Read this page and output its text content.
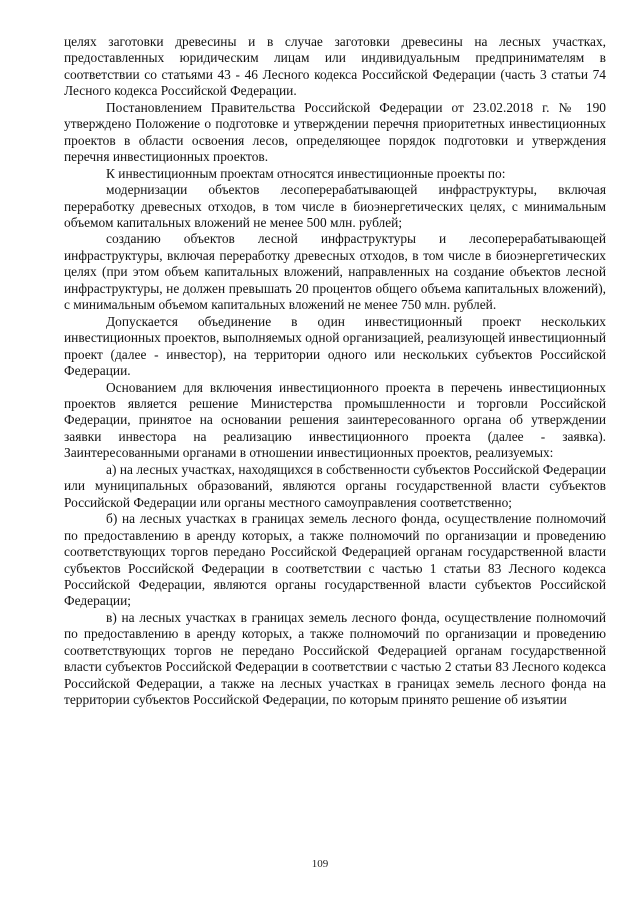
целях заготовки древесины и в случае заготовки древесины на лесных участках, предоставленных юридическим лицам или индивидуальным предпринимателям в соответствии со статьями 43 - 46 Лесного кодекса Российской Федерации (часть 3 статьи 74 Лесного кодекса Российской Федерации.

Постановлением Правительства Российской Федерации от 23.02.2018 г. № 190 утверждено Положение о подготовке и утверждении перечня приоритетных инвестиционных проектов в области освоения лесов, определяющее порядок подготовки и утверждения перечня инвестиционных проектов.

К инвестиционным проектам относятся инвестиционные проекты по:

модернизации объектов лесоперерабатывающей инфраструктуры, включая переработку древесных отходов, в том числе в биоэнергетических целях, с минимальным объемом капитальных вложений не менее 500 млн. рублей;

созданию объектов лесной инфраструктуры и лесоперерабатывающей инфраструктуры, включая переработку древесных отходов, в том числе в биоэнергетических целях (при этом объем капитальных вложений, направленных на создание объектов лесной инфраструктуры, не должен превышать 20 процентов общего объема капитальных вложений), с минимальным объемом капитальных вложений не менее 750 млн. рублей.

Допускается объединение в один инвестиционный проект нескольких инвестиционных проектов, выполняемых одной организацией, реализующей инвестиционный проект (далее - инвестор), на территории одного или нескольких субъектов Российской Федерации.

Основанием для включения инвестиционного проекта в перечень инвестиционных проектов является решение Министерства промышленности и торговли Российской Федерации, принятое на основании решения заинтересованного органа об утверждении заявки инвестора на реализацию инвестиционного проекта (далее - заявка). Заинтересованными органами в отношении инвестиционных проектов, реализуемых:

а) на лесных участках, находящихся в собственности субъектов Российской Федерации или муниципальных образований, являются органы государственной власти субъектов Российской Федерации или органы местного самоуправления соответственно;

б) на лесных участках в границах земель лесного фонда, осуществление полномочий по предоставлению в аренду которых, а также полномочий по организации и проведению соответствующих торгов передано Российской Федерацией органам государственной власти субъектов Российской Федерации в соответствии с частью 1 статьи 83 Лесного кодекса Российской Федерации, являются органы государственной власти субъектов Российской Федерации;

в) на лесных участках в границах земель лесного фонда, осуществление полномочий по предоставлению в аренду которых, а также полномочий по организации и проведению соответствующих торгов не передано Российской Федерацией органам государственной власти субъектов Российской Федерации в соответствии с частью 2 статьи 83 Лесного кодекса Российской Федерации, а также на лесных участках в границах земель лесного фонда на территории субъектов Российской Федерации, по которым принято решение об изъятии

109
